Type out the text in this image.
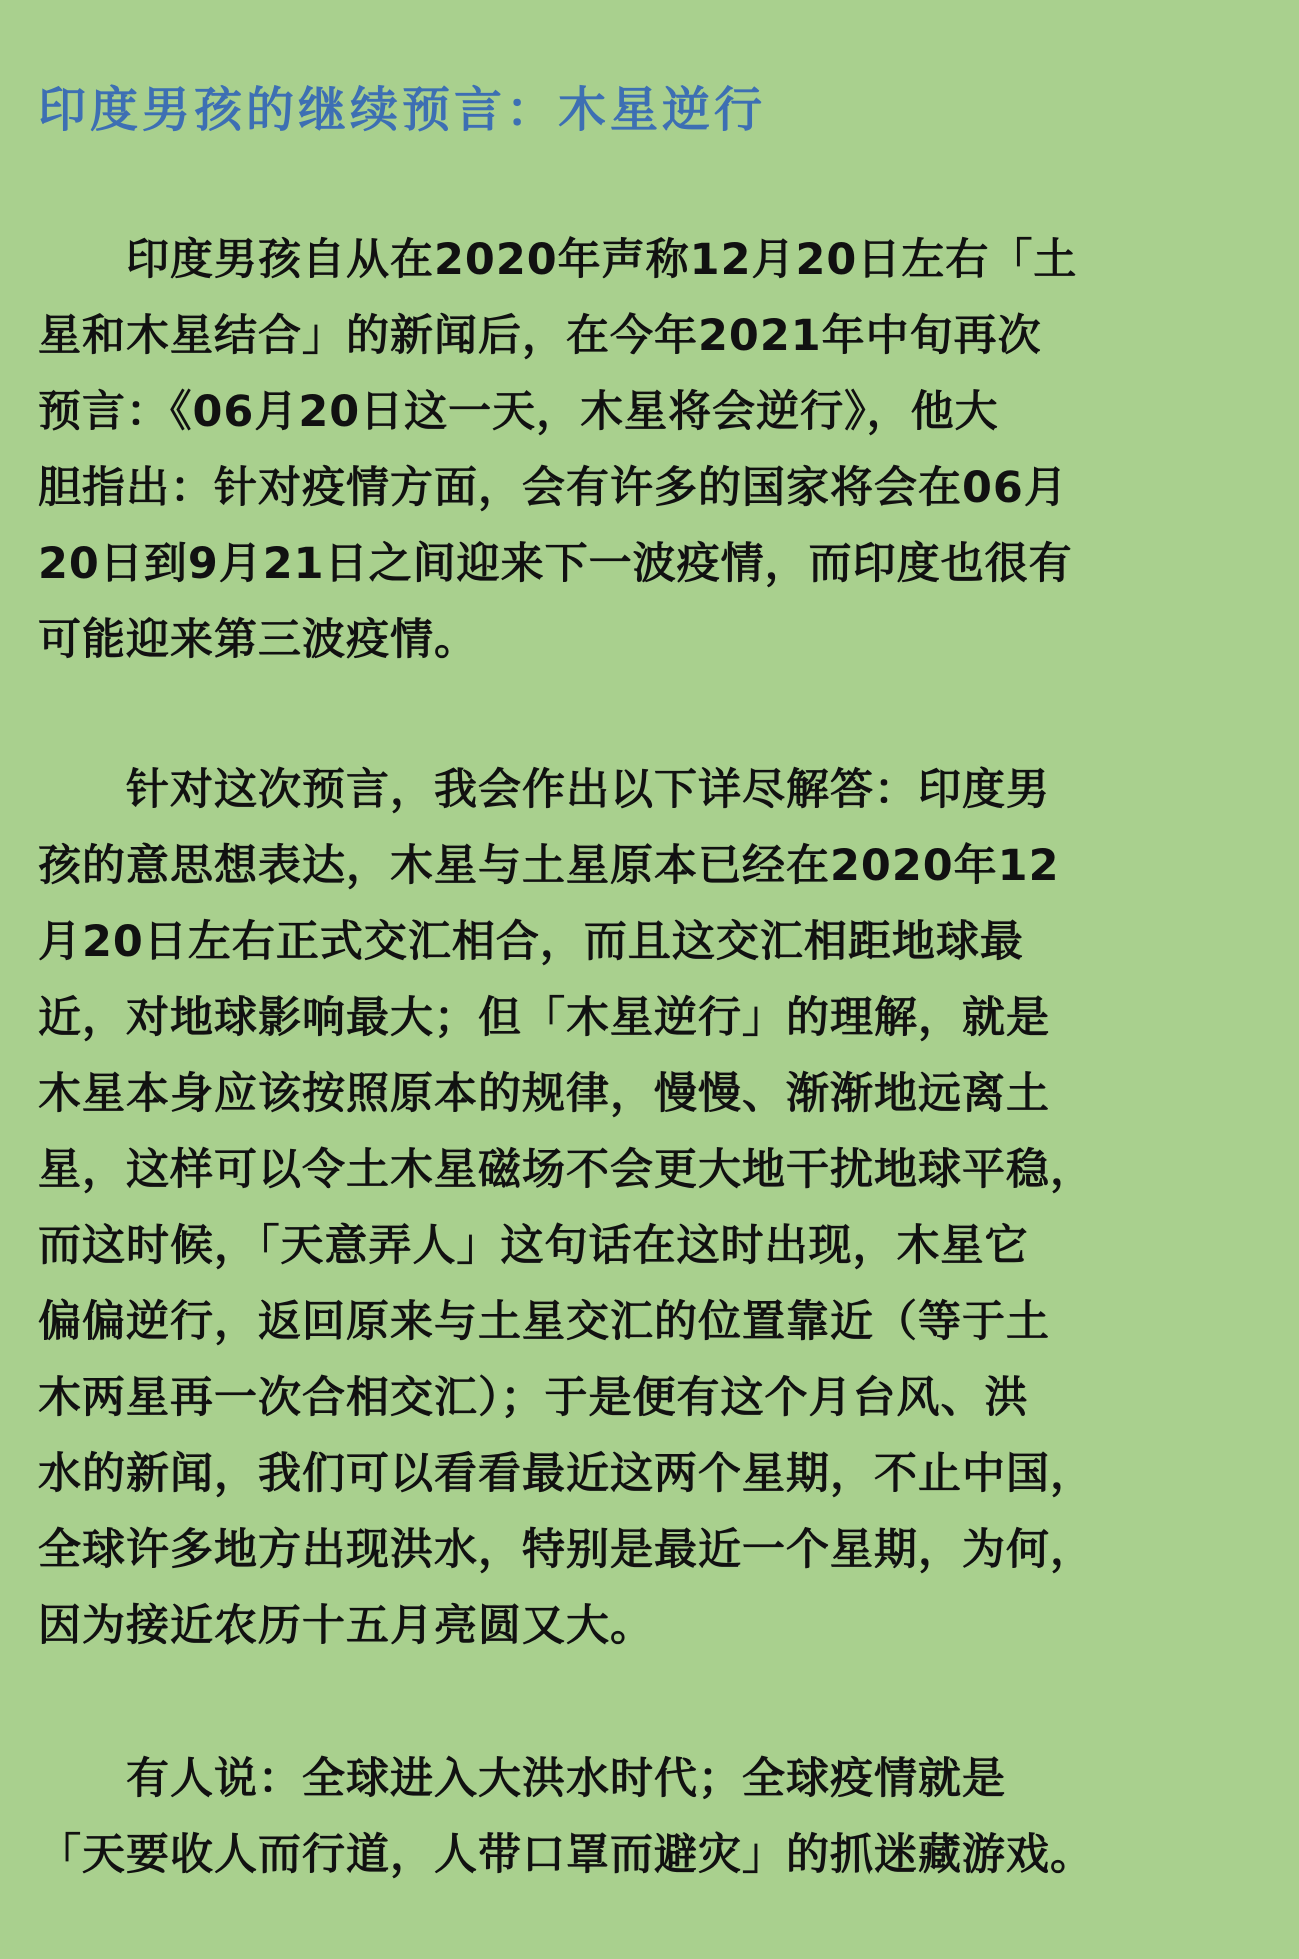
印度男孩的继续预言：木星逆行
　　印度男孩自从在2020年声称12月20日左右「土
星和木星结合」的新闻后，在今年2021年中旬再次
预言：《06月20日这一天，木星将会逆行》，他大
胆指出：针对疫情方面，会有许多的国家将会在06月
20日到9月21日之间迎来下一波疫情，而印度也很有
可能迎来第三波疫情。
　　针对这次预言，我会作出以下详尽解答：印度男
孩的意思想表达，木星与土星原本已经在2020年12
月20日左右正式交汇相合，而且这交汇相距地球最
近，对地球影响最大；但「木星逆行」的理解，就是
木星本身应该按照原本的规律，慢慢、渐渐地远离土
星，这样可以令土木星磁场不会更大地干扰地球平稳，
而这时候，「天意弄人」这句话在这时出现，木星它
偏偏逆行，返回原来与土星交汇的位置靠近（等于土
木两星再一次合相交汇）；于是便有这个月台风、洪
水的新闻，我们可以看看最近这两个星期，不止中国，
全球许多地方出现洪水，特别是最近一个星期，为何，
因为接近农历十五月亮圆又大。
　　有人说：全球进入大洪水时代；全球疫情就是
「天要收人而行道，人带口罩而避灾」的抓迷藏游戏。
